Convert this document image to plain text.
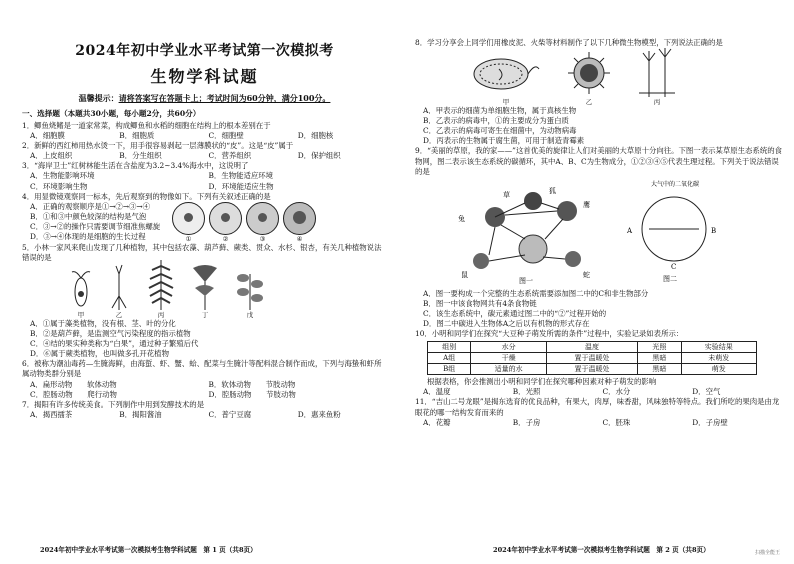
2024年初中学业水平考试第一次模拟考
生物学科试题
温馨提示：请将答案写在答题卡上；考试时间为60分钟，满分100分。
一、选择题（本题共30小题，每小题2分，共60分）

1．鲫鱼烧鳍是一道家常菜，构成鲫鱼和水稻的细胞在结构上的根本差别在于

A．细胞膜	B．细胞质	C．细胞壁	D．细胞核

2．新鲜的西红柿用热水烫一下，用手很容易剥起一层薄膜状的“皮”。这是“皮”属于

A．上皮组织	B．分生组织	C．营养组织	D．保护组织

3．“海岸卫士”红树林能生活在含盐度为3.2~3.4%海水中，这说明了

A．生物能影响环境	B．生物能适应环境
C．环境影响生物	D．环境能适应生物

4．用显微镜观察同一标本，先后观察到的物像如下。下列有关叙述正确的是

A．正确的观察顺序是①→②→③→④
B．①和③中颜色较深的结构是气泡
C．③→②的操作只需要调节细准焦螺旋
D．③→④体现的是细胞的生长过程	①	②	③	④

5．小林一家风来爬山发现了几种植物，其中包括农藻、葫芦藓、蕨类、贯众、水杉、银杏，有关几种植物说法错误的是

甲	乙	丙	丁	戊
A．①属于藻类植物，没有根、茎、叶的分化
B．②是葫芦藓，是监测空气污染程度的指示植物
C．④结的果实种类称为“白果”，通过种子繁殖后代
D．⑥属于蕨类植物，也叫做多孔开花植物

6．被称为潮汕毒药—生腌海鲜，由海蜇、虾、蟹、蛤、配菜与生腌汁等配料混合制作而成，下列与海蛰和虾所属动物类群分别是

A．扁形动物　　软体动物	B．软体动物　　节肢动物
C．腔肠动物　　爬行动物	D．腔肠动物　　节肢动物

7．揭阳有许多传统美食。下列制作中用到发酵技术的是

A．揭西擂茶	B．揭阳酱油	C．普宁豆腐	D．惠来鱼粉
2024年初中学业水平考试第一次模拟考生物学科试题　第 1 页（共8页）

8．学习分享会上同学们用橡皮泥、火柴等材料制作了以下几种微生物模型，下列说法正确的是

甲	乙	丙
A．甲表示的细菌为单细胞生物，属于真核生物
B．乙表示的病毒中，①的主要成分为蛋白质
C．乙表示的病毒可寄生在细菌中，为动物病毒
D．丙表示的生物属于腐生菌，可用于制造青霉素

9．“美丽的草原，我的家——”这首优美的旋律让人们对美丽的大草原十分向往。下图一表示某草原生态系统的食物网，图二表示该生态系统的碳循环，其中A、B、C为生物成分，①②③④⑤代表生理过程。下列关于说法错误的是

草
兔
鼠
狐
蛇
鹰
图一
大气中的二氧化碳
A	B
C
图二
A．图一要构成一个完整的生态系统需要添加图二中的C和非生物部分
B．图一中该食物网共有4条食物链
C．该生态系统中，碳元素通过图二中的“②”过程开始的
D．图二中碳进入生物体A之后以有机物的形式存在

10．小明和同学们在探究“大豆种子萌发所需的条件”过程中，实验记录如表所示：

组别	水分	温度	光照	实验结果
A组	干燥	置于温暖处	黑暗	未萌发
B组	适量的水	置于温暖处	黑暗	萌发

根据表格，你会推测出小明和同学们在探究哪种因素对种子萌发的影响

A．温度	B．光照	C．水分	D．空气

11．“吉山二号龙眼”是揭东选育的优良品种，有果大，肉厚，味香甜，风味独特等特点。我们所吃的果肉是由龙眼花的哪一结构发育而来的

A．花瓣	B．子房	C．胚珠	D．子房壁
2024年初中学业水平考试第一次模拟考生物学科试题　第 2 页（共8页）	扫描全能王
